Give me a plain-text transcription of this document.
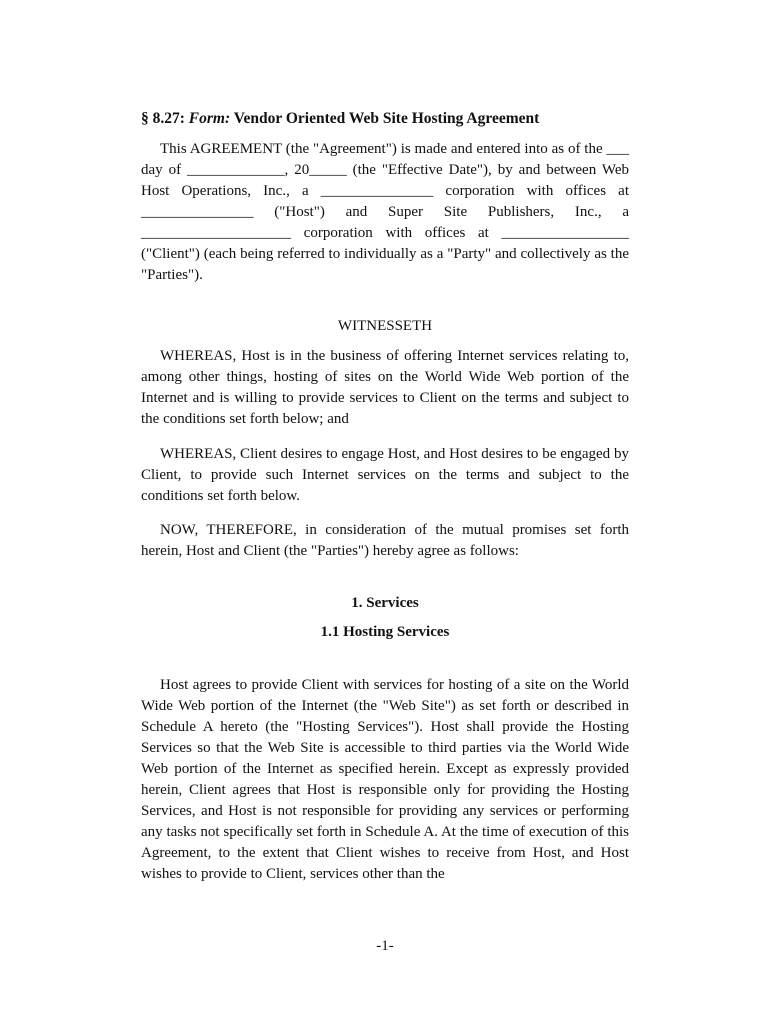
§ 8.27: Form: Vendor Oriented Web Site Hosting Agreement

This AGREEMENT (the "Agreement") is made and entered into as of the ___ day of _____________, 20_____ (the "Effective Date"), by and between Web Host Operations, Inc., a _______________ corporation with offices at _______________ ("Host") and Super Site Publishers, Inc., a ____________________ corporation with offices at _________________ ("Client") (each being referred to individually as a "Party" and collectively as the "Parties").

WITNESSETH

WHEREAS, Host is in the business of offering Internet services relating to, among other things, hosting of sites on the World Wide Web portion of the Internet and is willing to provide services to Client on the terms and subject to the conditions set forth below; and

WHEREAS, Client desires to engage Host, and Host desires to be engaged by Client, to provide such Internet services on the terms and subject to the conditions set forth below.

NOW, THEREFORE, in consideration of the mutual promises set forth herein, Host and Client (the "Parties") hereby agree as follows:

1. Services
1.1 Hosting Services

Host agrees to provide Client with services for hosting of a site on the World Wide Web portion of the Internet (the "Web Site") as set forth or described in Schedule A hereto (the "Hosting Services"). Host shall provide the Hosting Services so that the Web Site is accessible to third parties via the World Wide Web portion of the Internet as specified herein. Except as expressly provided herein, Client agrees that Host is responsible only for providing the Hosting Services, and Host is not responsible for providing any services or performing any tasks not specifically set forth in Schedule A. At the time of execution of this Agreement, to the extent that Client wishes to receive from Host, and Host wishes to provide to Client, services other than the

-1-
